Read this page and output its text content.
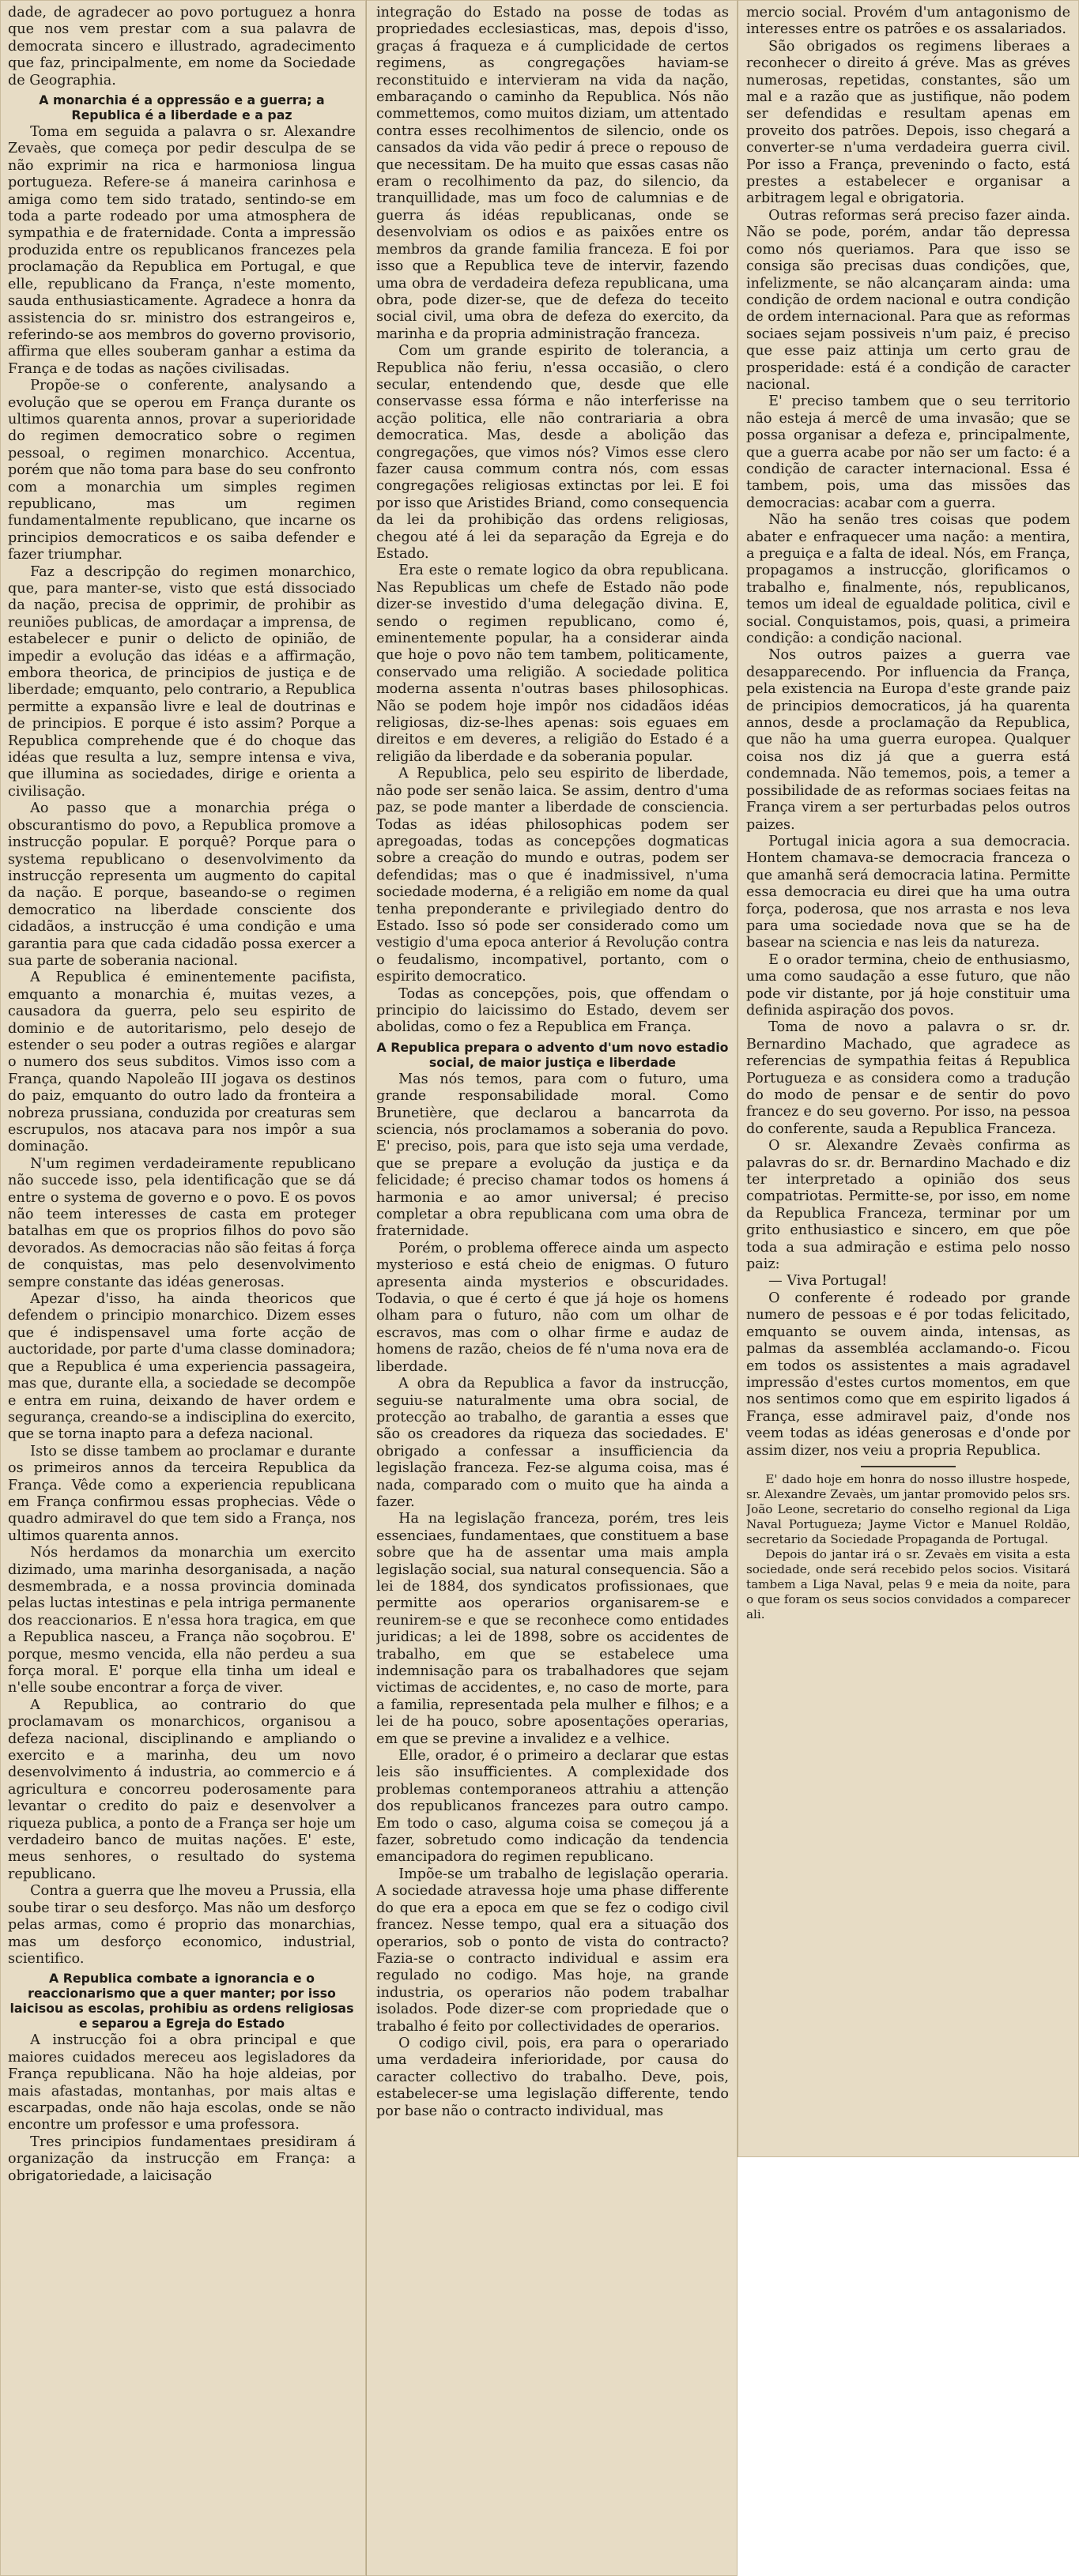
dade, de agradecer ao povo portuguez a honra que nos vem prestar com a sua palavra de democrata sincero e illustrado, agradecimento que faz, principalmente, em nome da Sociedade de Geographia.

A monarchia é a oppressão e a guerra; a Republica é a liberdade e a paz

Toma em seguida a palavra o sr. Alexandre Zevaès, que começa por pedir desculpa de se não exprimir na rica e harmoniosa lingua portugueza. Refere-se á maneira carinhosa e amiga como tem sido tratado, sentindo-se em toda a parte rodeado por uma atmosphera de sympathia e de fraternidade. Conta a impressão produzida entre os republicanos francezes pela proclamação da Republica em Portugal, e que elle, republicano da França, n'este momento, sauda enthusiasticamente. Agradece a honra da assistencia do sr. ministro dos estrangeiros e, referindo-se aos membros do governo provisorio, affirma que elles souberam ganhar a estima da França e de todas as nações civilisadas.

Propõe-se o conferente, analysando a evolução que se operou em França durante os ultimos quarenta annos, provar a superioridade do regimen democratico sobre o regimen pessoal, o regimen monarchico. Accentua, porém que não toma para base do seu confronto com a monarchia um simples regimen republicano, mas um regimen fundamentalmente republicano, que incarne os principios democraticos e os saiba defender e fazer triumphar.

Faz a descripção do regimen monarchico, que, para manter-se, visto que está dissociado da nação, precisa de opprimir, de prohibir as reuniões publicas, de amordaçar a imprensa, de estabelecer e punir o delicto de opinião, de impedir a evolução das idéas e a affirmação, embora theorica, de principios de justiça e de liberdade; emquanto, pelo contrario, a Republica permitte a expansão livre e leal de doutrinas e de principios. E porque é isto assim? Porque a Republica comprehende que é do choque das idéas que resulta a luz, sempre intensa e viva, que illumina as sociedades, dirige e orienta a civilisação.

Ao passo que a monarchia préga o obscurantismo do povo, a Republica promove a instrucção popular. E porquê? Porque para o systema republicano o desenvolvimento da instrucção representa um augmento do capital da nação. E porque, baseando-se o regimen democratico na liberdade consciente dos cidadãos, a instrucção é uma condição e uma garantia para que cada cidadão possa exercer a sua parte de soberania nacional.

A Republica é eminentemente pacifista, emquanto a monarchia é, muitas vezes, a causadora da guerra, pelo seu espirito de dominio e de autoritarismo, pelo desejo de estender o seu poder a outras regiões e alargar o numero dos seus subditos. Vimos isso com a França, quando Napoleão III jogava os destinos do paiz, emquanto do outro lado da fronteira a nobreza prussiana, conduzida por creaturas sem escrupulos, nos atacava para nos impôr a sua dominação.

N'um regimen verdadeiramente republicano não succede isso, pela identificação que se dá entre o systema de governo e o povo. E os povos não teem interesses de casta em proteger batalhas em que os proprios filhos do povo são devorados. As democracias não são feitas á força de conquistas, mas pelo desenvolvimento sempre constante das idéas generosas.

Apezar d'isso, ha ainda theoricos que defendem o principio monarchico. Dizem esses que é indispensavel uma forte acção de auctoridade, por parte d'uma classe dominadora; que a Republica é uma experiencia passageira, mas que, durante ella, a sociedade se decompõe e entra em ruina, deixando de haver ordem e segurança, creando-se a indisciplina do exercito, que se torna inapto para a defeza nacional.

Isto se disse tambem ao proclamar e durante os primeiros annos da terceira Republica da França. Vêde como a experiencia republicana em França confirmou essas prophecias. Vêde o quadro admiravel do que tem sido a França, nos ultimos quarenta annos.

Nós herdamos da monarchia um exercito dizimado, uma marinha desorganisada, a nação desmembrada, e a nossa provincia dominada pelas luctas intestinas e pela intriga permanente dos reaccionarios. E n'essa hora tragica, em que a Republica nasceu, a França não soçobrou. E' porque, mesmo vencida, ella não perdeu a sua força moral. E' porque ella tinha um ideal e n'elle soube encontrar a força de viver.

A Republica, ao contrario do que proclamavam os monarchicos, organisou a defeza nacional, disciplinando e ampliando o exercito e a marinha, deu um novo desenvolvimento á industria, ao commercio e á agricultura e concorreu poderosamente para levantar o credito do paiz e desenvolver a riqueza publica, a ponto de a França ser hoje um verdadeiro banco de muitas nações. E' este, meus senhores, o resultado do systema republicano.

Contra a guerra que lhe moveu a Prussia, ella soube tirar o seu desforço. Mas não um desforço pelas armas, como é proprio das monarchias, mas um desforço economico, industrial, scientifico.

A Republica combate a ignorancia e o reaccionarismo que a quer manter; por isso laicisou as escolas, prohibiu as ordens religiosas e separou a Egreja do Estado

A instrucção foi a obra principal e que maiores cuidados mereceu aos legisladores da França republicana. Não ha hoje aldeias, por mais afastadas, montanhas, por mais altas e escarpadas, onde não haja escolas, onde se não encontre um professor e uma professora.

Tres principios fundamentaes presidiram á organização da instrucção em França: a obrigatoriedade, a laicisação

integração do Estado na posse de todas as propriedades ecclesiasticas, mas, depois d'isso, graças á fraqueza e á cumplicidade de certos regimens, as congregações haviam-se reconstituido e intervieram na vida da nação, embaraçando o caminho da Republica. Nós não commettemos, como muitos diziam, um attentado contra esses recolhimentos de silencio, onde os cansados da vida vão pedir á prece o repouso de que necessitam. De ha muito que essas casas não eram o recolhimento da paz, do silencio, da tranquillidade, mas um foco de calumnias e de guerra ás idéas republicanas, onde se desenvolviam os odios e as paixões entre os membros da grande familia franceza. E foi por isso que a Republica teve de intervir, fazendo uma obra de verdadeira defeza republicana, uma obra, pode dizer-se, que de defeza do teceito social civil, uma obra de defeza do exercito, da marinha e da propria administração franceza.

Com um grande espirito de tolerancia, a Republica não feriu, n'essa occasião, o clero secular, entendendo que, desde que elle conservasse essa fórma e não interferisse na acção politica, elle não contrariaria a obra democratica. Mas, desde a abolição das congregações, que vimos nós? Vimos esse clero fazer causa commum contra nós, com essas congregações religiosas extinctas por lei. E foi por isso que Aristides Briand, como consequencia da lei da prohibição das ordens religiosas, chegou até á lei da separação da Egreja e do Estado.

Era este o remate logico da obra republicana. Nas Republicas um chefe de Estado não pode dizer-se investido d'uma delegação divina. E, sendo o regimen republicano, como é, eminentemente popular, ha a considerar ainda que hoje o povo não tem tambem, politicamente, conservado uma religião. A sociedade politica moderna assenta n'outras bases philosophicas. Não se podem hoje impôr nos cidadãos idéas religiosas, diz-se-lhes apenas: sois eguaes em direitos e em deveres, a religião do Estado é a religião da liberdade e da soberania popular.

A Republica, pelo seu espirito de liberdade, não pode ser senão laica. Se assim, dentro d'uma paz, se pode manter a liberdade de consciencia. Todas as idéas philosophicas podem ser apregoadas, todas as concepções dogmaticas sobre a creação do mundo e outras, podem ser defendidas; mas o que é inadmissivel, n'uma sociedade moderna, é a religião em nome da qual tenha preponderante e privilegiado dentro do Estado. Isso só pode ser considerado como um vestigio d'uma epoca anterior á Revolução contra o feudalismo, incompativel, portanto, com o espirito democratico.

Todas as concepções, pois, que offendam o principio do laicissimo do Estado, devem ser abolidas, como o fez a Republica em França.

A Republica prepara o advento d'um novo estadio social, de maior justiça e liberdade

Mas nós temos, para com o futuro, uma grande responsabilidade moral. Como Brunetière, que declarou a bancarrota da sciencia, nós proclamamos a soberania do povo. E' preciso, pois, para que isto seja uma verdade, que se prepare a evolução da justiça e da felicidade; é preciso chamar todos os homens á harmonia e ao amor universal; é preciso completar a obra republicana com uma obra de fraternidade.

Porém, o problema offerece ainda um aspecto mysterioso e está cheio de enigmas. O futuro apresenta ainda mysterios e obscuridades. Todavia, o que é certo é que já hoje os homens olham para o futuro, não com um olhar de escravos, mas com o olhar firme e audaz de homens de razão, cheios de fé n'uma nova era de liberdade.

A obra da Republica a favor da instrucção, seguiu-se naturalmente uma obra social, de protecção ao trabalho, de garantia a esses que são os creadores da riqueza das sociedades. E' obrigado a confessar a insufficiencia da legislação franceza. Fez-se alguma coisa, mas é nada, comparado com o muito que ha ainda a fazer.

Ha na legislação franceza, porém, tres leis essenciaes, fundamentaes, que constituem a base sobre que ha de assentar uma mais ampla legislação social, sua natural consequencia. São a lei de 1884, dos syndicatos profissionaes, que permitte aos operarios organisarem-se e reunirem-se e que se reconhece como entidades juridicas; a lei de 1898, sobre os accidentes de trabalho, em que se estabelece uma indemnisação para os trabalhadores que sejam victimas de accidentes, e, no caso de morte, para a familia, representada pela mulher e filhos; e a lei de ha pouco, sobre aposentações operarias, em que se previne a invalidez e a velhice.

Elle, orador, é o primeiro a declarar que estas leis são insufficientes. A complexidade dos problemas contemporaneos attrahiu a attenção dos republicanos francezes para outro campo. Em todo o caso, alguma coisa se começou já a fazer, sobretudo como indicação da tendencia emancipadora do regimen republicano.

Impõe-se um trabalho de legislação operaria. A sociedade atravessa hoje uma phase differente do que era a epoca em que se fez o codigo civil francez. Nesse tempo, qual era a situação dos operarios, sob o ponto de vista do contracto? Fazia-se o contracto individual e assim era regulado no codigo. Mas hoje, na grande industria, os operarios não podem trabalhar isolados. Pode dizer-se com propriedade que o trabalho é feito por collectividades de operarios.

O codigo civil, pois, era para o operariado uma verdadeira inferioridade, por causa do caracter collectivo do trabalho. Deve, pois, estabelecer-se uma legislação differente, tendo por base não o contracto individual, mas

mercio social. Provém d'um antagonismo de interesses entre os patrões e os assalariados.

São obrigados os regimens liberaes a reconhecer o direito á gréve. Mas as gréves numerosas, repetidas, constantes, são um mal e a razão que as justifique, não podem ser defendidas e resultam apenas em proveito dos patrões. Depois, isso chegará a converter-se n'uma verdadeira guerra civil. Por isso a França, prevenindo o facto, está prestes a estabelecer e organisar a arbitragem legal e obrigatoria.

Outras reformas será preciso fazer ainda. Não se pode, porém, andar tão depressa como nós queriamos. Para que isso se consiga são precisas duas condições, que, infelizmente, se não alcançaram ainda: uma condição de ordem nacional e outra condição de ordem internacional. Para que as reformas sociaes sejam possiveis n'um paiz, é preciso que esse paiz attinja um certo grau de prosperidade: está é a condição de caracter nacional.

E' preciso tambem que o seu territorio não esteja á mercê de uma invasão; que se possa organisar a defeza e, principalmente, que a guerra acabe por não ser um facto: é a condição de caracter internacional. Essa é tambem, pois, uma das missões das democracias: acabar com a guerra.

Não ha senão tres coisas que podem abater e enfraquecer uma nação: a mentira, a preguiça e a falta de ideal. Nós, em França, propagamos a instrucção, glorificamos o trabalho e, finalmente, nós, republicanos, temos um ideal de egualdade politica, civil e social. Conquistamos, pois, quasi, a primeira condição: a condição nacional.

Nos outros paizes a guerra vae desapparecendo. Por influencia da França, pela existencia na Europa d'este grande paiz de principios democraticos, já ha quarenta annos, desde a proclamação da Republica, que não ha uma guerra europea. Qualquer coisa nos diz já que a guerra está condemnada. Não tememos, pois, a temer a possibilidade de as reformas sociaes feitas na França virem a ser perturbadas pelos outros paizes.

Portugal inicia agora a sua democracia. Hontem chamava-se democracia franceza o que amanhã será democracia latina. Permitte essa democracia eu direi que ha uma outra força, poderosa, que nos arrasta e nos leva para uma sociedade nova que se ha de basear na sciencia e nas leis da natureza.

E o orador termina, cheio de enthusiasmo, uma como saudação a esse futuro, que não pode vir distante, por já hoje constituir uma definida aspiração dos povos.

Toma de novo a palavra o sr. dr. Bernardino Machado, que agradece as referencias de sympathia feitas á Republica Portugueza e as considera como a tradução do modo de pensar e de sentir do povo francez e do seu governo. Por isso, na pessoa do conferente, sauda a Republica Franceza.

O sr. Alexandre Zevaès confirma as palavras do sr. dr. Bernardino Machado e diz ter interpretado a opinião dos seus compatriotas. Permitte-se, por isso, em nome da Republica Franceza, terminar por um grito enthusiastico e sincero, em que põe toda a sua admiração e estima pelo nosso paiz:

— Viva Portugal!

O conferente é rodeado por grande numero de pessoas e é por todas felicitado, emquanto se ouvem ainda, intensas, as palmas da assembléa acclamando-o. Ficou em todos os assistentes a mais agradavel impressão d'estes curtos momentos, em que nos sentimos como que em espirito ligados á França, esse admiravel paiz, d'onde nos veem todas as idéas generosas e d'onde por assim dizer, nos veiu a propria Republica.

E' dado hoje em honra do nosso illustre hospede, sr. Alexandre Zevaès, um jantar promovido pelos srs. João Leone, secretario do conselho regional da Liga Naval Portugueza; Jayme Victor e Manuel Roldão, secretario da Sociedade Propaganda de Portugal.

Depois do jantar irá o sr. Zevaès em visita a esta sociedade, onde será recebido pelos socios. Visitará tambem a Liga Naval, pelas 9 e meia da noite, para o que foram os seus socios convidados a comparecer ali.
